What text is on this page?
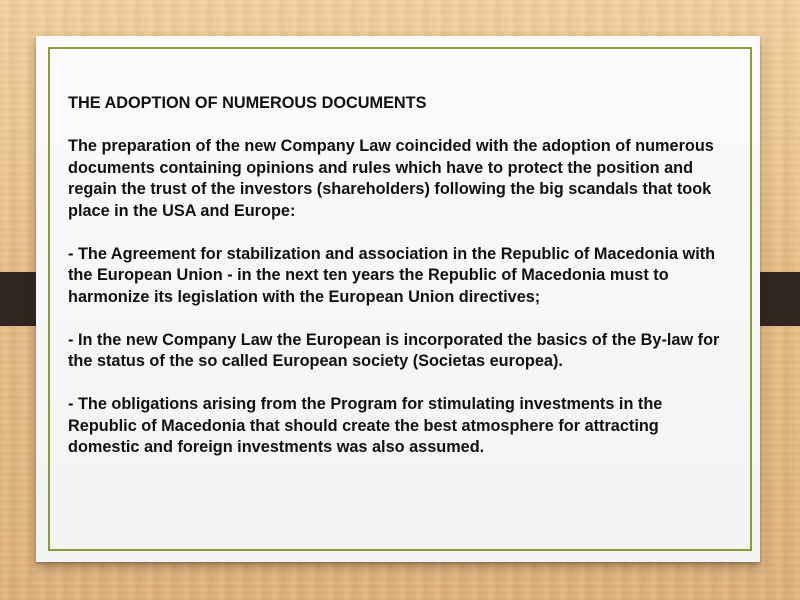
THE ADOPTION OF NUMEROUS DOCUMENTS

The preparation of the new Company Law coincided with the adoption of numerous documents containing opinions and rules which have to protect the position and regain the trust of the investors (shareholders) following the big scandals that took place in the USA and Europe:

- The Agreement for stabilization and association in the Republic of Macedonia with the European Union - in the next ten years the Republic of Macedonia must to harmonize its legislation with the European Union directives;

- In the new Company Law the European is incorporated the basics of the By-law for the status of the so called European society (Societas europea).

- The obligations arising from the Program for stimulating investments in the Republic of Macedonia that should create the best atmosphere for attracting domestic and foreign investments was also assumed.
